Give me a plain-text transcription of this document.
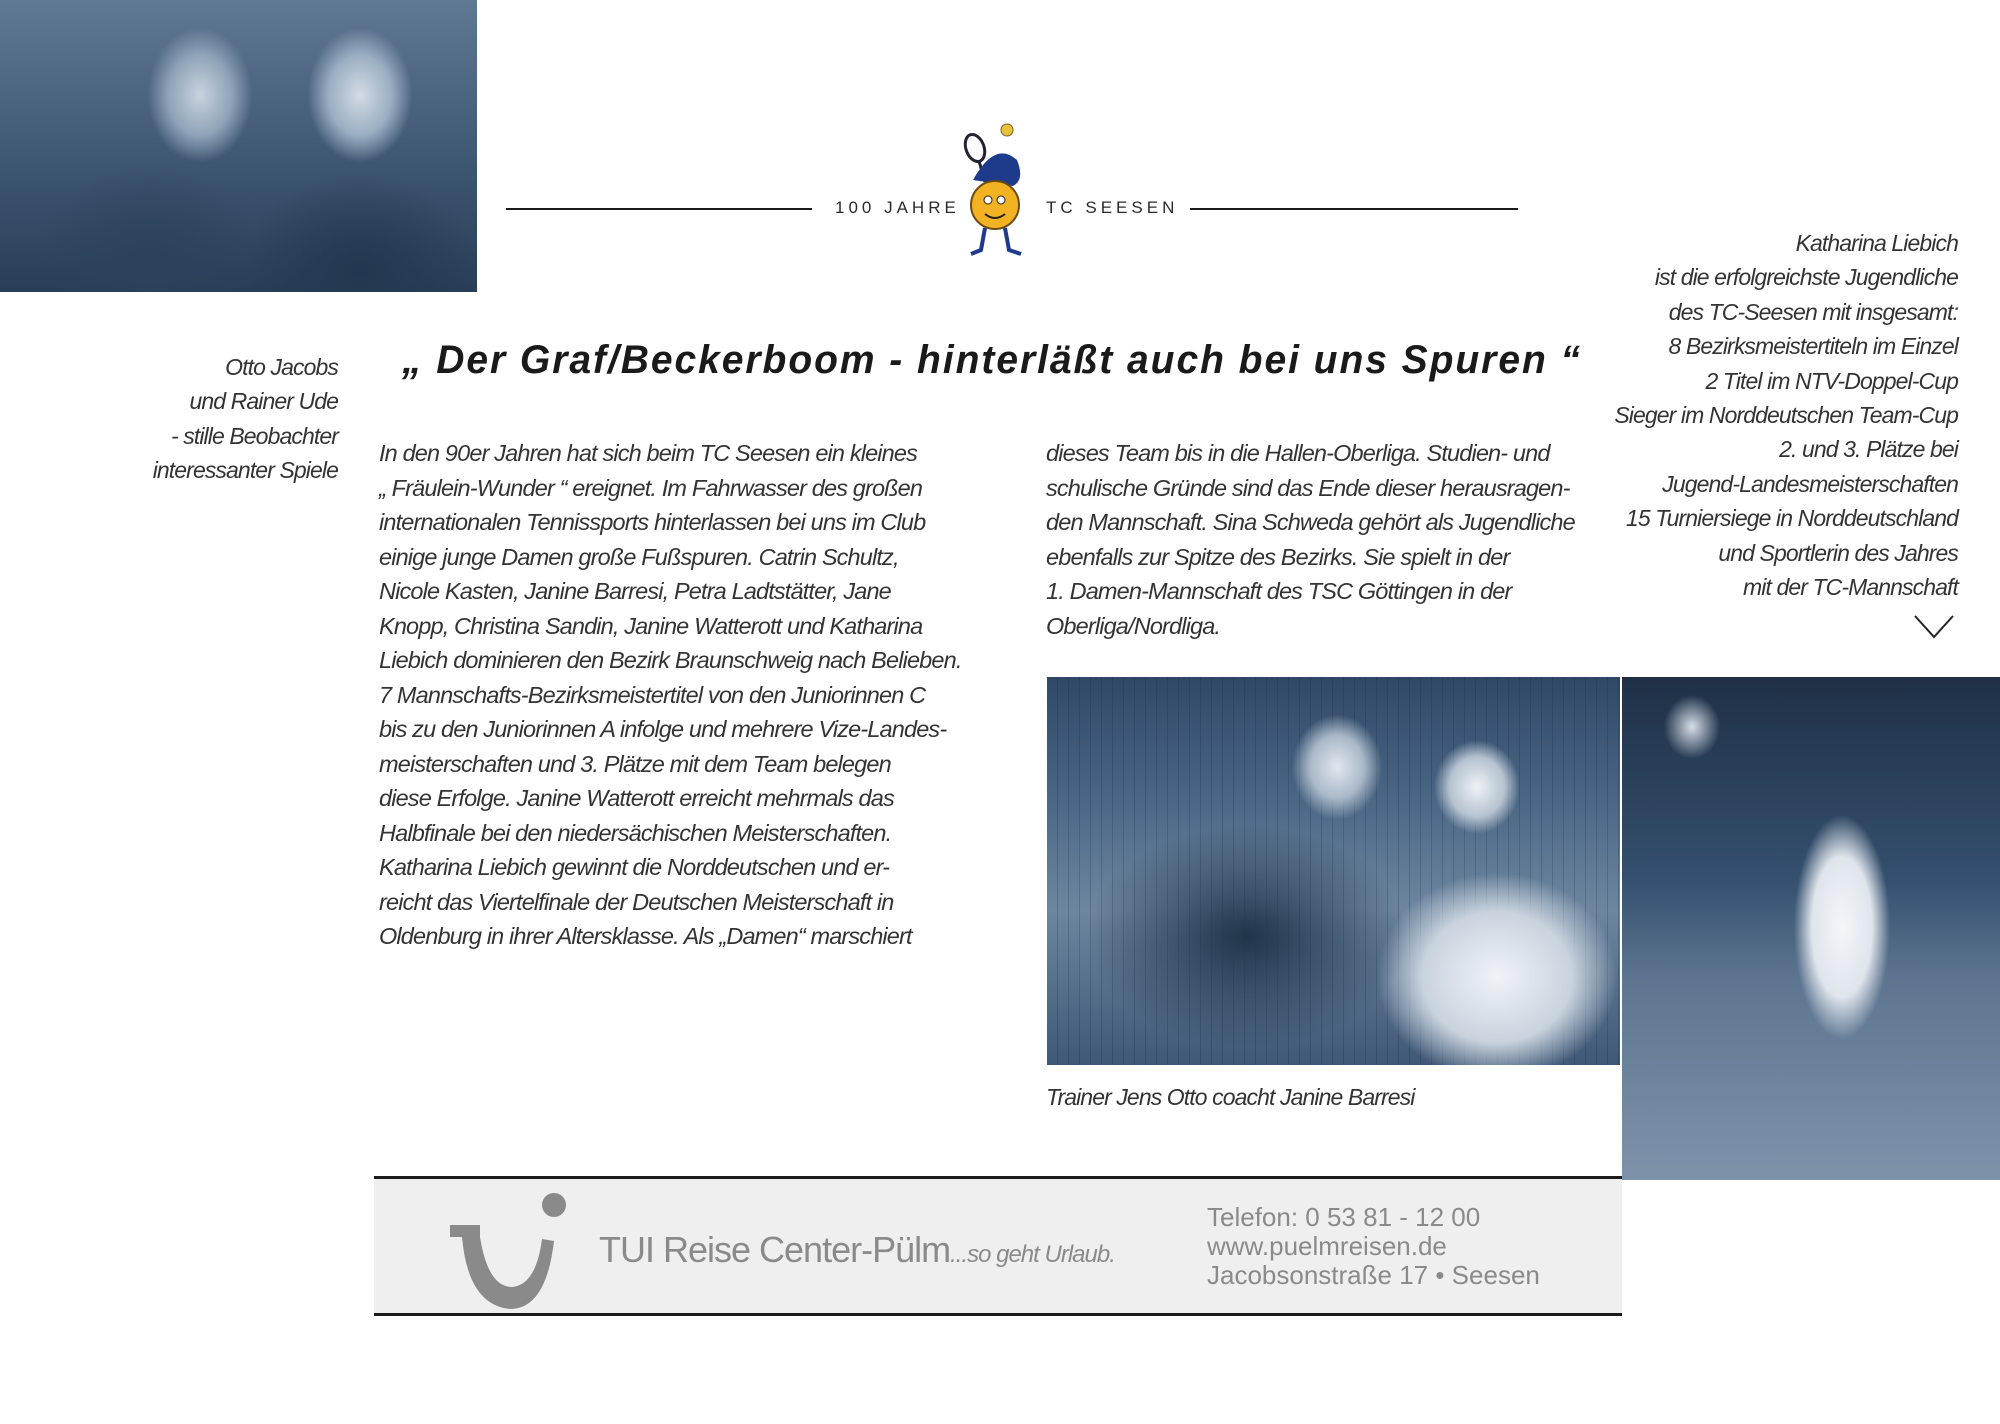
100 JAHRE	TC SEESEN
Otto Jacobs
und Rainer Ude
- stille Beobachter
interessanter Spiele
„ Der Graf/Beckerboom - hinterläßt auch bei uns Spuren “
In den 90er Jahren hat sich beim TC Seesen ein kleines
„ Fräulein-Wunder “ ereignet. Im Fahrwasser des großen
internationalen Tennissports hinterlassen bei uns im Club
einige junge Damen große Fußspuren. Catrin Schultz,
Nicole Kasten, Janine Barresi, Petra Ladtstätter, Jane
Knopp, Christina Sandin, Janine Watterott und Katharina
Liebich dominieren den Bezirk Braunschweig nach Belieben.
7 Mannschafts-Bezirksmeistertitel von den Juniorinnen C
bis zu den Juniorinnen A infolge und mehrere Vize-Landes-
meisterschaften und 3. Plätze mit dem Team belegen
diese Erfolge. Janine Watterott erreicht mehrmals das
Halbfinale bei den niedersächischen Meisterschaften.
Katharina Liebich gewinnt die Norddeutschen und er-
reicht das Viertelfinale der Deutschen Meisterschaft in
Oldenburg in ihrer Altersklasse. Als „Damen“ marschiert
dieses Team bis in die Hallen-Oberliga. Studien- und
schulische Gründe sind das Ende dieser herausragen-
den Mannschaft. Sina Schweda gehört als Jugendliche
ebenfalls zur Spitze des Bezirks. Sie spielt in der
1. Damen-Mannschaft des TSC Göttingen in der
Oberliga/Nordliga.
Katharina Liebich
ist die erfolgreichste Jugendliche
des TC-Seesen mit insgesamt:
8 Bezirksmeistertiteln im Einzel
2 Titel im NTV-Doppel-Cup
Sieger im Norddeutschen Team-Cup
2. und 3. Plätze bei
Jugend-Landesmeisterschaften
15 Turniersiege in Norddeutschland
und Sportlerin des Jahres
mit der TC-Mannschaft
Trainer Jens Otto coacht Janine Barresi
TUI Reise Center-Pülm...so geht Urlaub.
Telefon: 0 53 81 - 12 00
www.puelmreisen.de
Jacobsonstraße 17 • Seesen
